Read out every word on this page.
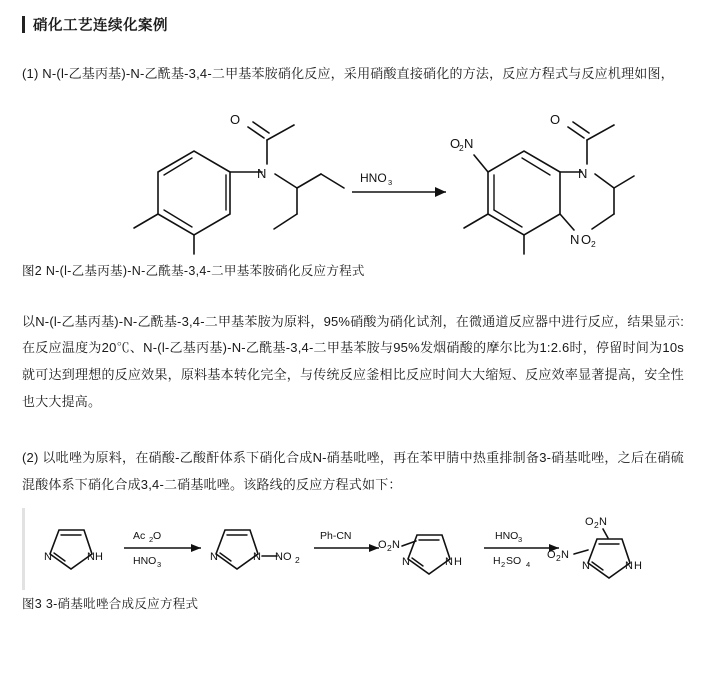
硝化工艺连续化案例

(1) N-(l-乙基丙基)-N-乙酰基-3,4-二甲基苯胺硝化反应，采用硝酸直接硝化的方法，反应方程式与反应机理如图，

N
O
HNO 3
O
2 N
N O 2
N
O

图2 N-(l-乙基丙基)-N-乙酰基-3,4-二甲基苯胺硝化反应方程式

以N-(l-乙基丙基)-N-乙酰基-3,4-二甲基苯胺为原料，95%硝酸为硝化试剂，在微通道反应器中进行反应，结果显示:在反应温度为20℃、N-(l-乙基丙基)-N-乙酰基-3,4-二甲基苯胺与95%发烟硝酸的摩尔比为1:2.6时，停留时间为10s就可达到理想的反应效果，原料基本转化完全，与传统反应釜相比反应时间大大缩短、反应效率显著提高，安全性也大大提高。

(2) 以吡唑为原料，在硝酸-乙酸酐体系下硝化合成N-硝基吡唑，再在苯甲腈中热重排制备3-硝基吡唑，之后在硝硫混酸体系下硝化合成3,4-二硝基吡唑。该路线的反应方程式如下：

N	N H
Ac 2 O
HNO 3
N	N NO 2
Ph-CN
O 2 N
N	N H
HNO 3
H 2 SO 4
O 2 N
N	N H
O 2 N

图3 3-硝基吡唑合成反应方程式
